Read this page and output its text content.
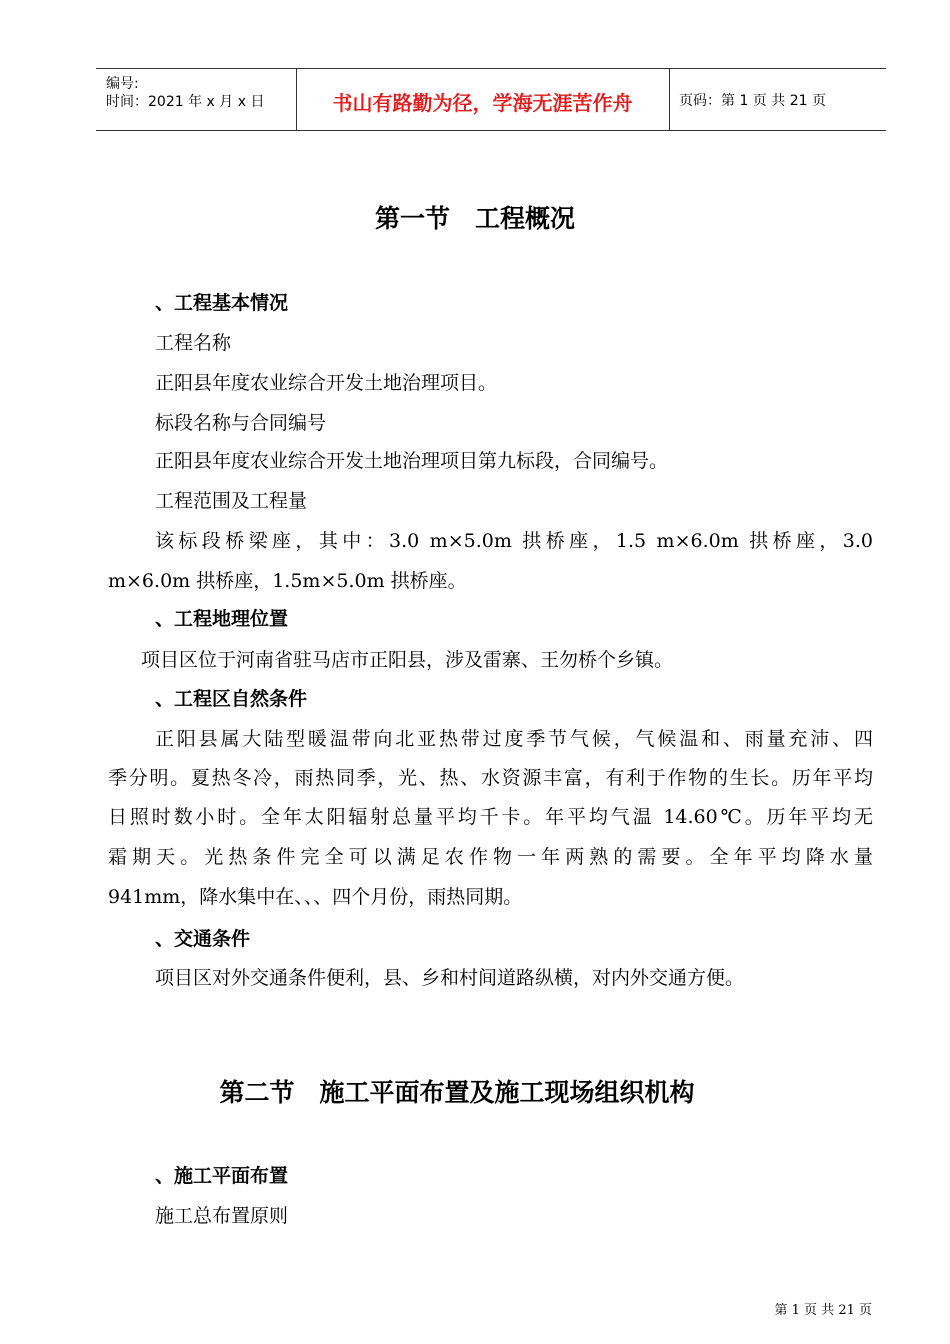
编号:
时间：2021 年 x 月 x 日	书山有路勤为径，学海无涯苦作舟	页码：第 1 页 共 21 页
第一节　工程概况
、工程基本情况
工程名称
正阳县年度农业综合开发土地治理项目。
标段名称与合同编号
正阳县年度农业综合开发土地治理项目第九标段，合同编号。
工程范围及工程量
该标段桥梁座，其中：3.0 m×5.0m 拱桥座，1.5 m×6.0m 拱桥座，3.0
m×6.0m 拱桥座，1.5m×5.0m 拱桥座。
、工程地理位置
项目区位于河南省驻马店市正阳县，涉及雷寨、王勿桥个乡镇。
、工程区自然条件
正阳县属大陆型暖温带向北亚热带过度季节气候，气候温和、雨量充沛、四
季分明。夏热冬冷，雨热同季，光、热、水资源丰富，有利于作物的生长。历年平均
日照时数小时。全年太阳辐射总量平均千卡。年平均气温 14.60℃。历年平均无
霜期天。光热条件完全可以满足农作物一年两熟的需要。全年平均降水量
941mm，降水集中在、、、四个月份，雨热同期。
、交通条件
项目区对外交通条件便利，县、乡和村间道路纵横，对内外交通方便。
第二节　施工平面布置及施工现场组织机构
、施工平面布置
施工总布置原则
第 1 页 共 21 页
